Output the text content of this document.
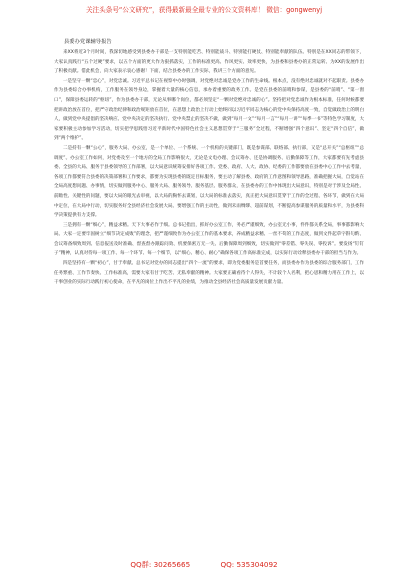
关注头条号“公文研究”，获得最新最全最专业的公文资料库！ 微信：gongwenyj
县委办党课辅导报告

来XX将近3个月时间，我深切地感受到县委办干部是一支特别能吃苦、特别能战斗、特别能打硬仗、特别能奉献的队伍。特别是在XX同志的带领下，大家认真践行“五个过硬”要求，以五个方面的更大作为狠抓落实，工作的标准更高、作风更实、效率更快，为县委和县委办的正常运转、为XX的发展作出了积极贡献。借此机会，向大家表示衷心感谢！下面，结合县委办的工作实际，我讲三个方面的意见。

一是坚守一颗“忠心”，对党忠诚。习近平总书记在视察中办时强调，对党绝对忠诚是党办工作的生命线。根本点，没有绝对忠诚就对不起职责。县委办作为县委综合办事机构，工作服务在领导身边，掌握着大量的核心信息，承办着重要的政务工作。是党在县委的前哨和参谋，是县委的“前哨”、“第一窗口”，保障县委运转的“枢纽”，作为县委办干部，无论从事哪个岗位，都必须坚定“一颗对党绝对忠诚的心”。坚持把对党忠诚作为根本标准，任何时候都要把讲政治放在首位，把严守政治纪律和政治规矩放在首位，在思想上政治上行动上始终同以习近平同志为核心的党中央保持高度一致，自觉做政治上的明白人，做到党中央提倡的坚决响应、党中央决定的坚决执行、党中央禁止的坚决不做，做到“每月一文”“每月一言”“每月一讲”“每季一书”等特色学习制度，大家要积极主动参加学习活动，切实把学思践悟习近平新时代中国特色社会主义思想贯穿于“三服务”全过程，不断增强“四个意识”、坚定“四个自信”，做到“两个维护”。

二是持有一颗“公心”，服务大局、办公室，是一个单位、一个系统、一个机构的关键部门，既是参谋部、联络部、执行部，又是“总开关”“总枢纽”“总调度”。办公室工作如何，对党委及至一个地方的全局工作影响很大，无论是文电办理、会议筹办、还是协调服务、后勤保障等工作，大家都要有先考虑县委、全县的大局、服务于县委领导的工作部署，以大局意识统筹安排好各项工作。党委、政府、人大、政协、纪委的工作都要放在县委中心工作中去考量，各项工作都要符合县委的决策部署和工作要求，都要为实现县委的既定目标服务，要主动了解县委、政府的工作意图和领导思路，准确把握大局，自觉站在全局高度想问题、办事情，切实做到服务中心、服务大局、服务领导、服务基层、服务群众，在县委办的工作中体现出大局意识，特别是对于涉及全局性、前瞻性、关键性的问题，要以大局的眼光去审视，以大局的胸怀去谋划，以大局的标准去落实，真正把大局意识贯穿于工作的全过程、各环节，做到在大局中定位，在大局中行动，切实服务好全县经济社会发展大局。要增强工作的主动性，做到未雨绸缪、超前谋划，不断提高参谋服务的质量和水平，为县委科学决策提供有力支撑。

三是拥有一颗“细心”，精益求精。天下大事必作于细。总书记指出，抓好办公室工作，务必严谨细致，办公室无小事，件件都关系全局，事事都影响大局。大家一定要牢固树立“细节决定成败”的理念，把严谨细致作为办公室工作的基本要求，养成精益求精、一丝不苟的工作态度，做到文件起草字斟句酌、会议筹备细致周到、信息报送及时准确、督查督办跟踪问效、机要保密万无一失、后勤保障周到细致，切实做到“零差错、零失误、零投诉”。要发扬“钉钉子”精神，认真对待每一项工作、每一个环节、每一个细节，以“细心、精心、耐心”确保各项工作高标准完成，以实际行动诠释县委办干部的担当与作为。

四是坚持有一颗“初心”，甘于奉献。总书记对党办的同志提出“四个一流”的要求，即为党委服务是首要任务，而县委办作为县委的综合服务部门，工作任务繁重、工作节奏快、工作标准高，需要大家有甘于吃苦、无私奉献的精神。大家要正确看待个人得失，不计较个人名利，把心思和精力用在工作上，以干事创业的实际行动践行初心使命，在平凡的岗位上作出不平凡的业绩，为推动全县经济社会高质量发展贡献力量。

QQ群: 30265665	QQ: 535304092
